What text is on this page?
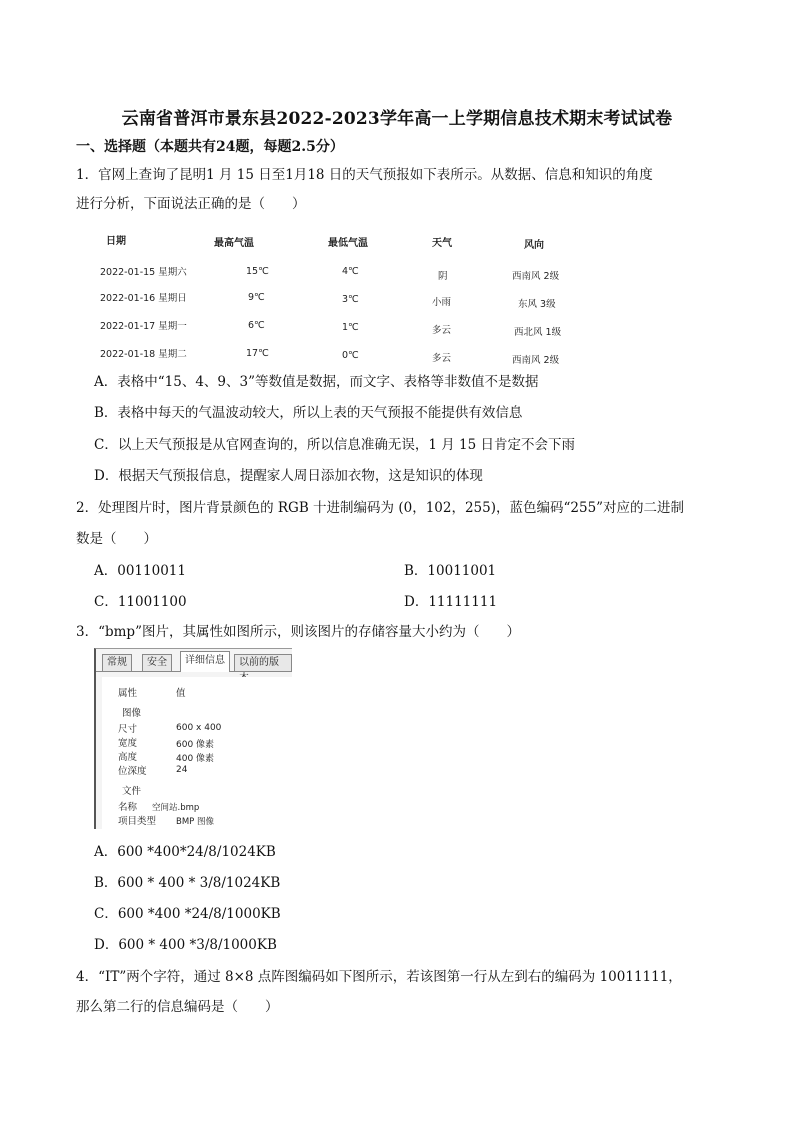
云南省普洱市景东县2022-2023学年高一上学期信息技术期末考试试卷
一、选择题（本题共有24题，每题2.5分）
1．官网上查询了昆明1 月 15 日至1月18 日的天气预报如下表所示。从数据、信息和知识的角度
进行分析，下面说法正确的是（　　）
日期	最高气温	最低气温	天气	风向
2022-01-15 星期六	15℃	4℃	阴	西南风 2级
2022-01-16 星期日	9℃	3℃	小雨	东风 3级
2022-01-17 星期一	6℃	1℃	多云	西北风 1级
2022-01-18 星期二	17℃	0℃	多云	西南风 2级
A．表格中“15、4、9、3”等数值是数据，而文字、表格等非数值不是数据
B．表格中每天的气温波动较大，所以上表的天气预报不能提供有效信息
C．以上天气预报是从官网查询的，所以信息准确无误，1 月 15 日肯定不会下雨
D．根据天气预报信息，提醒家人周日添加衣物，这是知识的体现
2．处理图片时，图片背景颜色的 RGB 十进制编码为 (0，102，255)，蓝色编码“255”对应的二进制
数是（　　）
A．00110011	B．10011001
C．11001100	D．11111111
3．“bmp”图片，其属性如图所示，则该图片的存储容量大小约为（　　）
常规	安全	详细信息	以前的版
属性	值
图像
尺寸	600 x 400
宽度	600 像素
高度	400 像素
位深度	24
文件
名称 空间站.bmp
项目类型 BMP 图像
A．600 *400*24/8/1024KB
B．600 * 400 * 3/8/1024KB
C．600 *400 *24/8/1000KB
D．600 * 400 *3/8/1000KB
4．“IT”两个字符，通过 8×8 点阵图编码如下图所示，若该图第一行从左到右的编码为 10011111，
那么第二行的信息编码是（　　）
